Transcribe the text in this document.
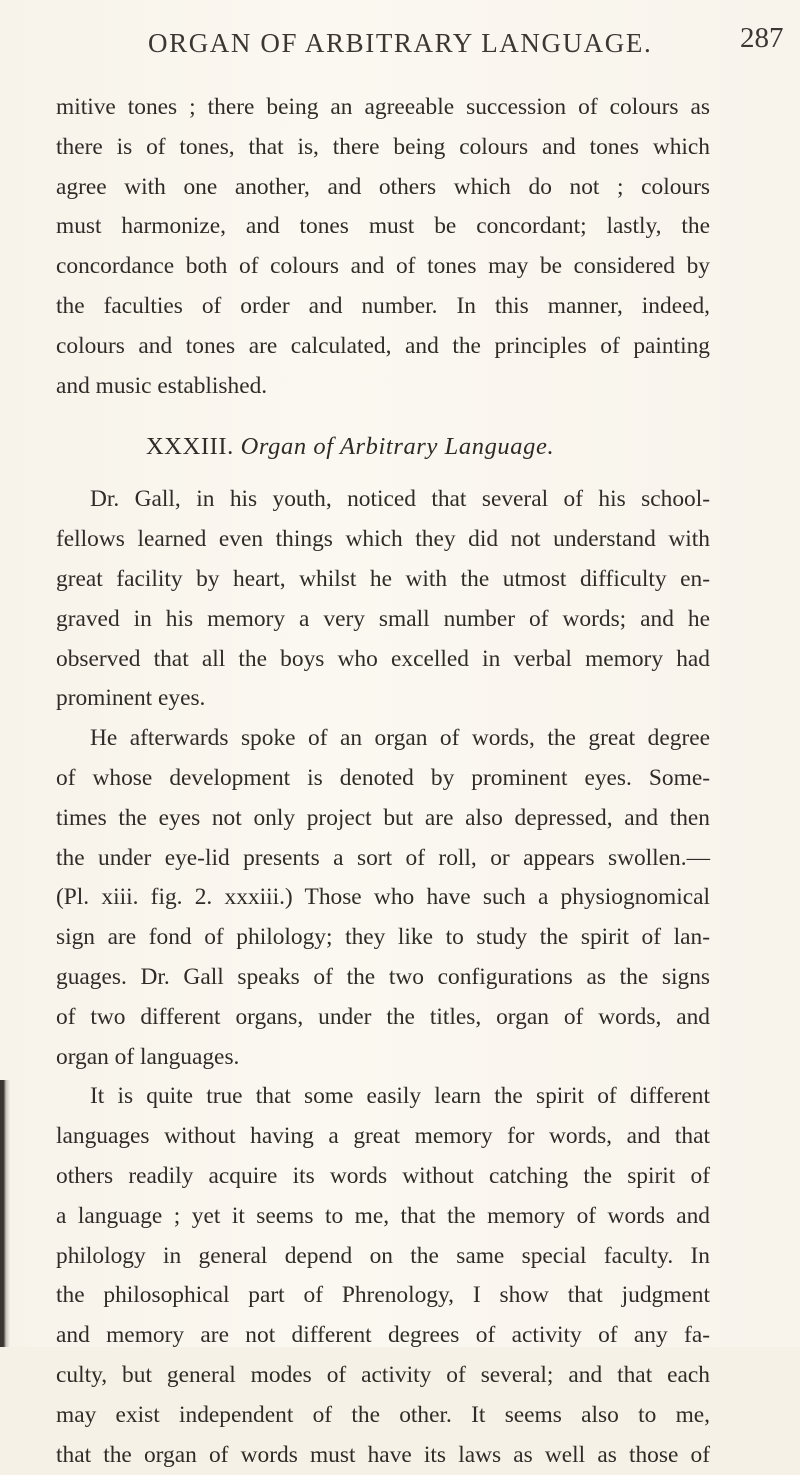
ORGAN OF ARBITRARY LANGUAGE.	287
mitive tones ; there being an agreeable succession of colours as
there is of tones, that is, there being colours and tones which
agree with one another, and others which do not ; colours
must harmonize, and tones must be concordant; lastly, the
concordance both of colours and of tones may be considered by
the faculties of order and number. In this manner, indeed,
colours and tones are calculated, and the principles of painting
and music established.
XXXIII. Organ of Arbitrary Language.
Dr. Gall, in his youth, noticed that several of his school-
fellows learned even things which they did not understand with
great facility by heart, whilst he with the utmost difficulty en-
graved in his memory a very small number of words; and he
observed that all the boys who excelled in verbal memory had
prominent eyes.
He afterwards spoke of an organ of words, the great degree
of whose development is denoted by prominent eyes. Some-
times the eyes not only project but are also depressed, and then
the under eye-lid presents a sort of roll, or appears swollen.—
(Pl. xiii. fig. 2. xxxiii.) Those who have such a physiognomical
sign are fond of philology; they like to study the spirit of lan-
guages. Dr. Gall speaks of the two configurations as the signs
of two different organs, under the titles, organ of words, and
organ of languages.
It is quite true that some easily learn the spirit of different
languages without having a great memory for words, and that
others readily acquire its words without catching the spirit of
a language ; yet it seems to me, that the memory of words and
philology in general depend on the same special faculty. In
the philosophical part of Phrenology, I show that judgment
and memory are not different degrees of activity of any fa-
culty, but general modes of activity of several; and that each
may exist independent of the other. It seems also to me,
that the organ of words must have its laws as well as those of
